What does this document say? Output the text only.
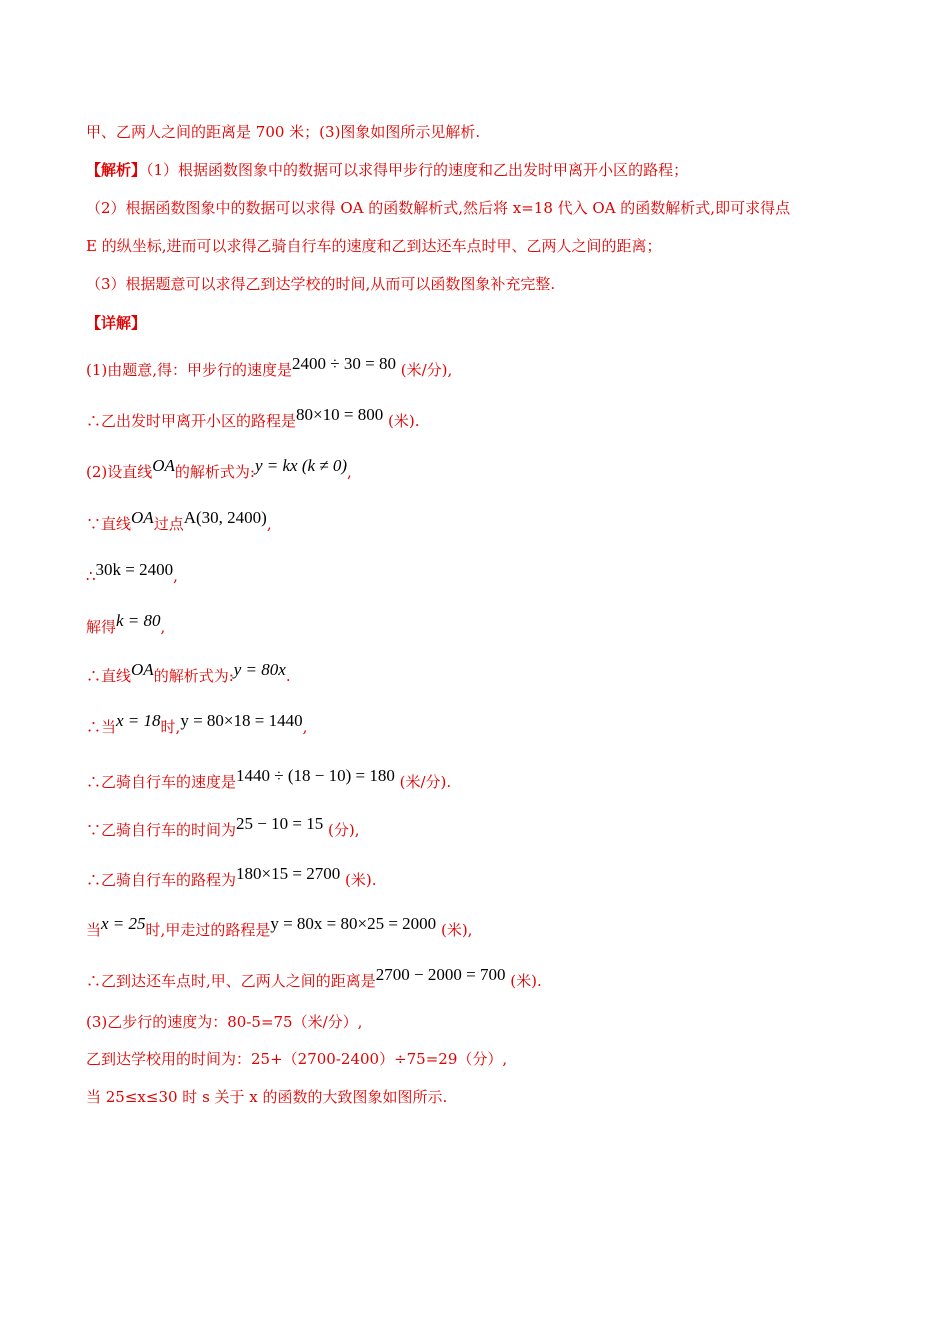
甲、乙两人之间的距离是 700 米；(3)图象如图所示见解析.
【解析】（1）根据函数图象中的数据可以求得甲步行的速度和乙出发时甲离开小区的路程；
（2）根据函数图象中的数据可以求得 OA 的函数解析式,然后将 x=18 代入 OA 的函数解析式,即可求得点
E 的纵坐标,进而可以求得乙骑自行车的速度和乙到达还车点时甲、乙两人之间的距离；
（3）根据题意可以求得乙到达学校的时间,从而可以函数图象补充完整.
【详解】
(1)由题意,得：甲步行的速度是2400 ÷ 30 = 80 (米/分),
∴乙出发时甲离开小区的路程是80×10 = 800 (米).
(2)设直线OA的解析式为:y = kx (k ≠ 0),
∵直线OA过点A(30, 2400),
∴30k = 2400,
解得k = 80,
∴直线OA的解析式为:y = 80x.
∴当x = 18时,y = 80×18 = 1440,
∴乙骑自行车的速度是1440 ÷ (18 − 10) = 180 (米/分).
∵乙骑自行车的时间为25 − 10 = 15 (分),
∴乙骑自行车的路程为180×15 = 2700 (米).
当x = 25时,甲走过的路程是y = 80x = 80×25 = 2000 (米),
∴乙到达还车点时,甲、乙两人之间的距离是2700 − 2000 = 700 (米).
(3)乙步行的速度为：80-5=75（米/分）,
乙到达学校用的时间为：25+（2700-2400）÷75=29（分）,
当 25≤x≤30 时 s 关于 x 的函数的大致图象如图所示.
